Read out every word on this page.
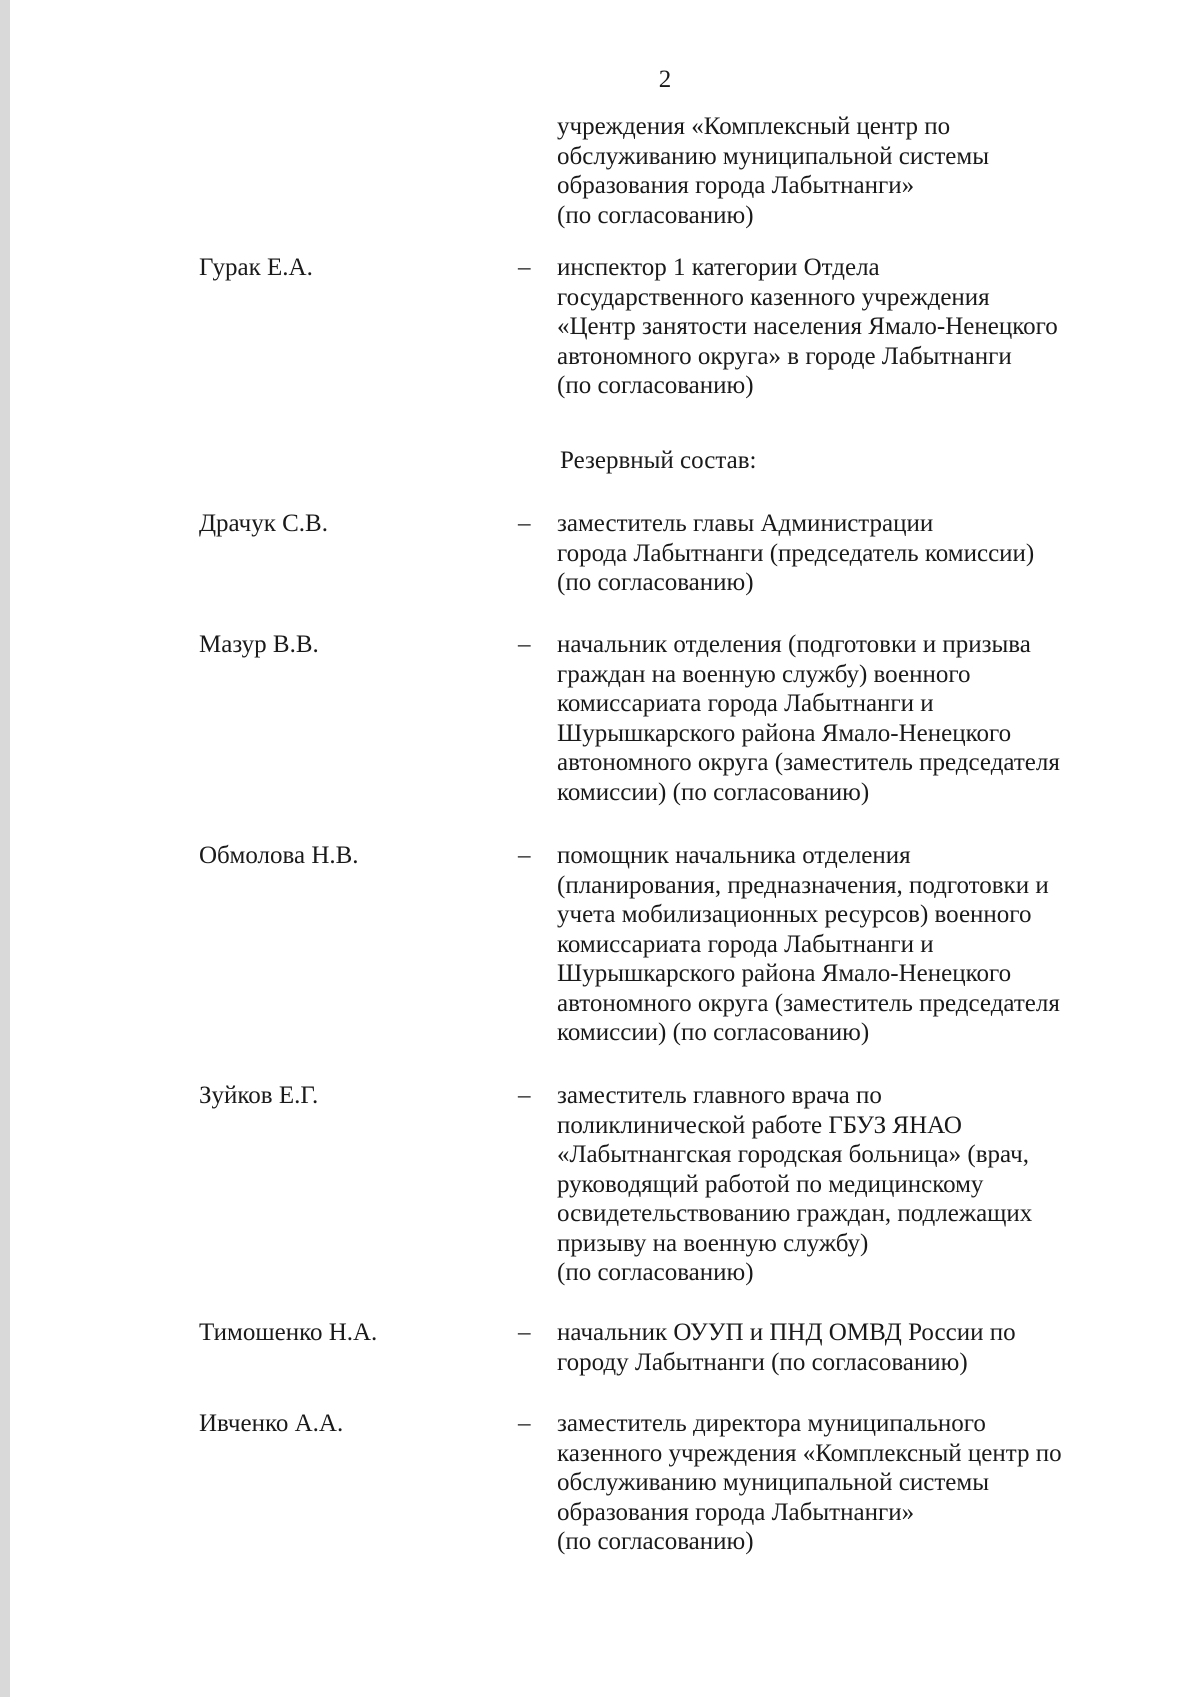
2
учреждения «Комплексный центр по
обслуживанию муниципальной системы
образования города Лабытнанги»
(по согласованию)
Гурак Е.А.	– инспектор 1 категории Отдела
государственного казенного учреждения
«Центр занятости населения Ямало-Ненецкого
автономного округа» в городе Лабытнанги
(по согласованию)
Резервный состав:
Драчук С.В.	– заместитель главы Администрации
города Лабытнанги (председатель комиссии)
(по согласованию)
Мазур В.В.	– начальник отделения (подготовки и призыва
граждан на военную службу) военного
комиссариата города Лабытнанги и
Шурышкарского района Ямало-Ненецкого
автономного округа (заместитель председателя
комиссии) (по согласованию)
Обмолова Н.В.	– помощник начальника отделения
(планирования, предназначения, подготовки и
учета мобилизационных ресурсов) военного
комиссариата города Лабытнанги и
Шурышкарского района Ямало-Ненецкого
автономного округа (заместитель председателя
комиссии) (по согласованию)
Зуйков Е.Г.	– заместитель главного врача по
поликлинической работе ГБУЗ ЯНАО
«Лабытнангская городская больница» (врач,
руководящий работой по медицинскому
освидетельствованию граждан, подлежащих
призыву на военную службу)
(по согласованию)
Тимошенко Н.А.	– начальник ОУУП и ПНД ОМВД России по
городу Лабытнанги (по согласованию)
Ивченко А.А.	– заместитель директора муниципального
казенного учреждения «Комплексный центр по
обслуживанию муниципальной системы
образования города Лабытнанги»
(по согласованию)
